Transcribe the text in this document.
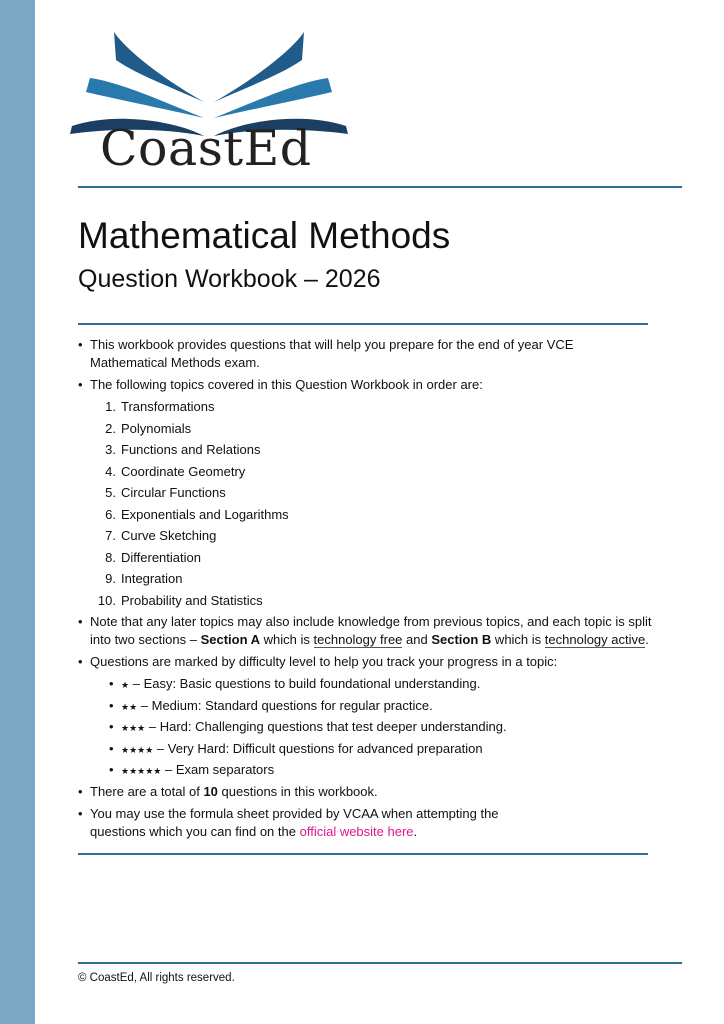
CoastEd
Mathematical Methods
Question Workbook – 2026
• This workbook provides questions that will help you prepare for the end of year VCE Mathematical Methods exam.
• The following topics covered in this Question Workbook in order are:
1. Transformations
2. Polynomials
3. Functions and Relations
4. Coordinate Geometry
5. Circular Functions
6. Exponentials and Logarithms
7. Curve Sketching
8. Differentiation
9. Integration
10. Probability and Statistics
• Note that any later topics may also include knowledge from previous topics, and each topic is split into two sections – Section A which is technology free and Section B which is technology active.
• Questions are marked by difficulty level to help you track your progress in a topic:
• ★ – Easy: Basic questions to build foundational understanding.
• ★★ – Medium: Standard questions for regular practice.
• ★★★ – Hard: Challenging questions that test deeper understanding.
• ★★★★ – Very Hard: Difficult questions for advanced preparation
• ★★★★★ – Exam separators
• There are a total of 10 questions in this workbook.
• You may use the formula sheet provided by VCAA when attempting the
questions which you can find on the official website here.
© CoastEd, All rights reserved.
